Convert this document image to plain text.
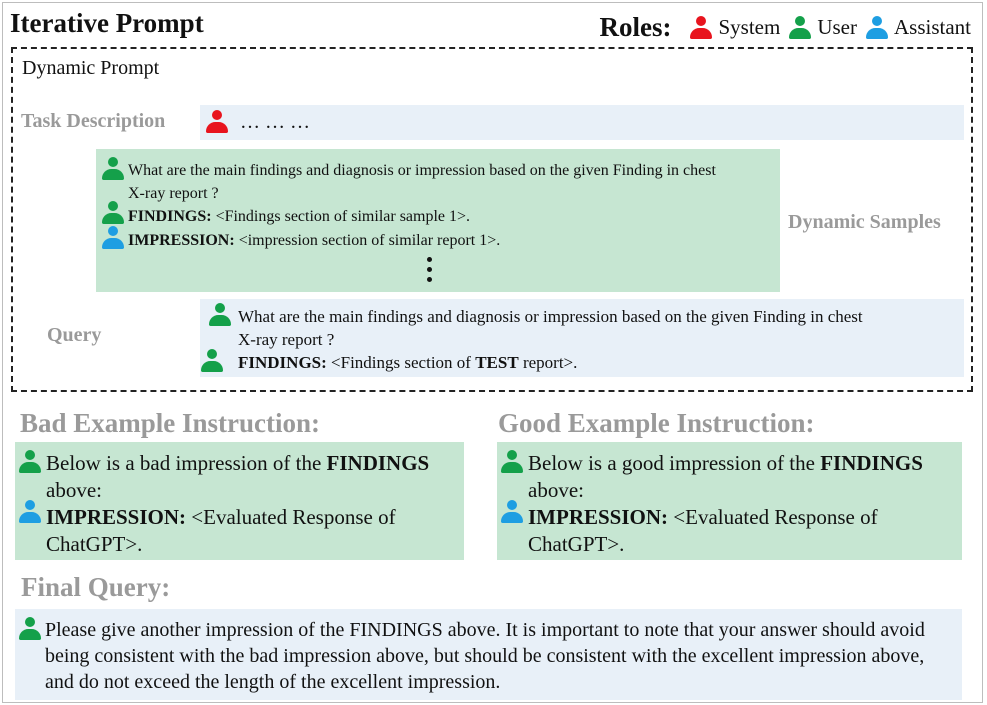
Iterative Prompt	Roles: System User Assistant
Dynamic Prompt
Task Description	… … …
What are the main findings and diagnosis or impression based on the given Finding in chest
X-ray report ?
FINDINGS: <Findings section of similar sample 1>.
IMPRESSION: <impression section of similar report 1>.
Dynamic Samples
Query
What are the main findings and diagnosis or impression based on the given Finding in chest
X-ray report ?
FINDINGS: <Findings section of TEST report>.
Bad Example Instruction:
Below is a bad impression of the FINDINGS
above:
IMPRESSION: <Evaluated Response of
ChatGPT>.
Good Example Instruction:
Below is a good impression of the FINDINGS
above:
IMPRESSION: <Evaluated Response of
ChatGPT>.
Final Query:
Please give another impression of the FINDINGS above. It is important to note that your answer should avoid being consistent with the bad impression above, but should be consistent with the excellent impression above, and do not exceed the length of the excellent impression.
